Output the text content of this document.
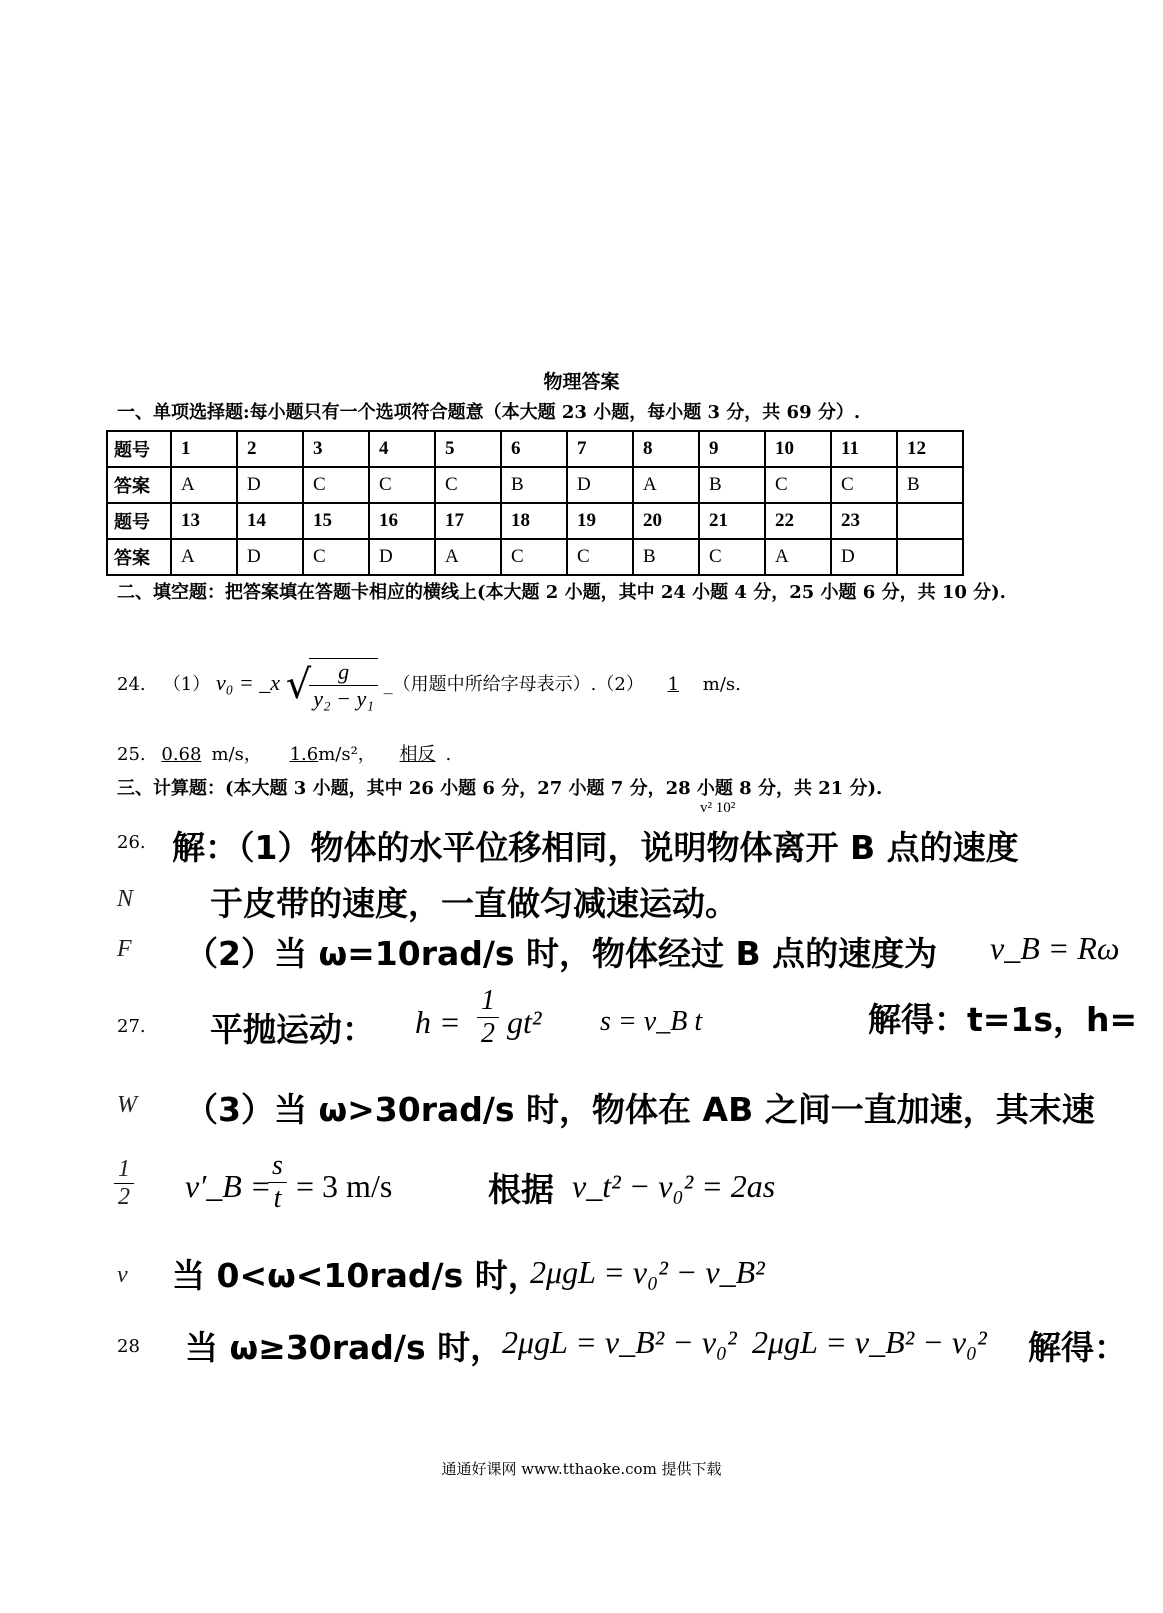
物理答案
一、单项选择题:每小题只有一个选项符合题意（本大题 23 小题，每小题 3 分，共 69 分）.
题号	1	2	3	4	5	6	7	8	9	10	11	12
答案	A	D	C	C	C	B	D	A	B	C	C	B
题号	13	14	15	16	17	18	19	20	21	22	23	
答案	A	D	C	D	A	C	C	B	C	A	D	
二、填空题：把答案填在答题卡相应的横线上(本大题 2 小题，其中 24 小题 4 分，25 小题 6 分，共 10 分).
24. （1） v₀ = _x √
$\frac{g}{\text{y₂ − y₁}}$ _（用题中所给字母表示）.（2） 1 m/s.
25. 0.68 m/s， 1.6m/s²， 相反 .
三、计算题：(本大题 3 小题，其中 26 小题 6 分，27 小题 7 分，28 小题 8 分，共 21 分).
v² 10²
26. 解：（1）物体的水平位移相同，说明物体离开 B 点的速度
N 于皮带的速度，一直做匀减速运动。
F （2）当 ω=10rad/s 时，物体经过 B 点的速度为 v_B = Rω
27. 平抛运动： $h = \frac{1}{2} gt^2$ s = v_B t	解得：t=1s，h=
W （3）当 ω>30rad/s 时，物体在 AB 之间一直加速，其末速
$\frac{1}{2}$ v′_B =
$\frac{s}{t} = 3$ m/s	根据 v_t² − v₀² = 2as
v 当 0<ω<10rad/s 时，
2μgL = v₀² − v_B²
28 当 ω≥30rad/s 时，
2μgL = v_B² − v₀² 2μgL = v_B² − v₀² 解得：
通通好课网 www.tthaoke.com 提供下载
